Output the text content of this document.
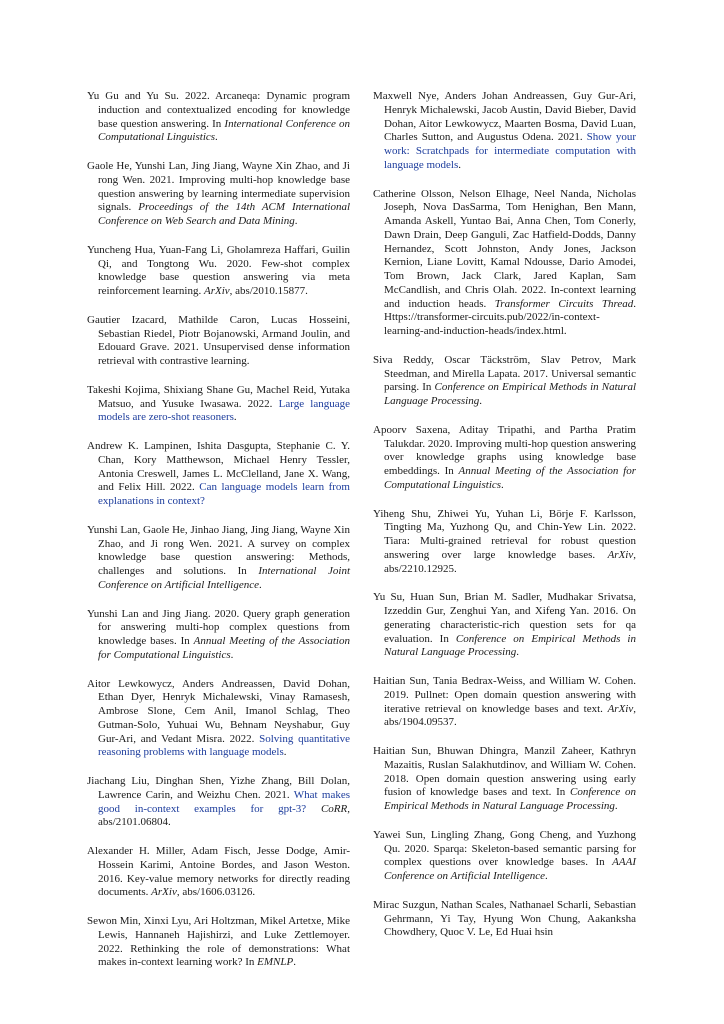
Yu Gu and Yu Su. 2022. Arcaneqa: Dynamic program induction and contextualized encoding for knowledge base question answering. In International Conference on Computational Linguistics.

Gaole He, Yunshi Lan, Jing Jiang, Wayne Xin Zhao, and Ji rong Wen. 2021. Improving multi-hop knowledge base question answering by learning intermediate supervision signals. Proceedings of the 14th ACM International Conference on Web Search and Data Mining.

Yuncheng Hua, Yuan-Fang Li, Gholamreza Haffari, Guilin Qi, and Tongtong Wu. 2020. Few-shot complex knowledge base question answering via meta reinforcement learning. ArXiv, abs/2010.15877.

Gautier Izacard, Mathilde Caron, Lucas Hosseini, Sebastian Riedel, Piotr Bojanowski, Armand Joulin, and Edouard Grave. 2021. Unsupervised dense information retrieval with contrastive learning.

Takeshi Kojima, Shixiang Shane Gu, Machel Reid, Yutaka Matsuo, and Yusuke Iwasawa. 2022. Large language models are zero-shot reasoners.

Andrew K. Lampinen, Ishita Dasgupta, Stephanie C. Y. Chan, Kory Matthewson, Michael Henry Tessler, Antonia Creswell, James L. McClelland, Jane X. Wang, and Felix Hill. 2022. Can language models learn from explanations in context?

Yunshi Lan, Gaole He, Jinhao Jiang, Jing Jiang, Wayne Xin Zhao, and Ji rong Wen. 2021. A survey on complex knowledge base question answering: Methods, challenges and solutions. In International Joint Conference on Artificial Intelligence.

Yunshi Lan and Jing Jiang. 2020. Query graph generation for answering multi-hop complex questions from knowledge bases. In Annual Meeting of the Association for Computational Linguistics.

Aitor Lewkowycz, Anders Andreassen, David Dohan, Ethan Dyer, Henryk Michalewski, Vinay Ramasesh, Ambrose Slone, Cem Anil, Imanol Schlag, Theo Gutman-Solo, Yuhuai Wu, Behnam Neyshabur, Guy Gur-Ari, and Vedant Misra. 2022. Solving quantitative reasoning problems with language models.

Jiachang Liu, Dinghan Shen, Yizhe Zhang, Bill Dolan, Lawrence Carin, and Weizhu Chen. 2021. What makes good in-context examples for gpt-3? CoRR, abs/2101.06804.

Alexander H. Miller, Adam Fisch, Jesse Dodge, Amir-Hossein Karimi, Antoine Bordes, and Jason Weston. 2016. Key-value memory networks for directly reading documents. ArXiv, abs/1606.03126.

Sewon Min, Xinxi Lyu, Ari Holtzman, Mikel Artetxe, Mike Lewis, Hannaneh Hajishirzi, and Luke Zettlemoyer. 2022. Rethinking the role of demonstrations: What makes in-context learning work? In EMNLP.

Maxwell Nye, Anders Johan Andreassen, Guy Gur-Ari, Henryk Michalewski, Jacob Austin, David Bieber, David Dohan, Aitor Lewkowycz, Maarten Bosma, David Luan, Charles Sutton, and Augustus Odena. 2021. Show your work: Scratchpads for intermediate computation with language models.

Catherine Olsson, Nelson Elhage, Neel Nanda, Nicholas Joseph, Nova DasSarma, Tom Henighan, Ben Mann, Amanda Askell, Yuntao Bai, Anna Chen, Tom Conerly, Dawn Drain, Deep Ganguli, Zac Hatfield-Dodds, Danny Hernandez, Scott Johnston, Andy Jones, Jackson Kernion, Liane Lovitt, Kamal Ndousse, Dario Amodei, Tom Brown, Jack Clark, Jared Kaplan, Sam McCandlish, and Chris Olah. 2022. In-context learning and induction heads. Transformer Circuits Thread. Https://transformer-circuits.pub/2022/in-context-learning-and-induction-heads/index.html.

Siva Reddy, Oscar Täckström, Slav Petrov, Mark Steedman, and Mirella Lapata. 2017. Universal semantic parsing. In Conference on Empirical Methods in Natural Language Processing.

Apoorv Saxena, Aditay Tripathi, and Partha Pratim Talukdar. 2020. Improving multi-hop question answering over knowledge graphs using knowledge base embeddings. In Annual Meeting of the Association for Computational Linguistics.

Yiheng Shu, Zhiwei Yu, Yuhan Li, Börje F. Karlsson, Tingting Ma, Yuzhong Qu, and Chin-Yew Lin. 2022. Tiara: Multi-grained retrieval for robust question answering over large knowledge bases. ArXiv, abs/2210.12925.

Yu Su, Huan Sun, Brian M. Sadler, Mudhakar Srivatsa, Izzeddin Gur, Zenghui Yan, and Xifeng Yan. 2016. On generating characteristic-rich question sets for qa evaluation. In Conference on Empirical Methods in Natural Language Processing.

Haitian Sun, Tania Bedrax-Weiss, and William W. Cohen. 2019. Pullnet: Open domain question answering with iterative retrieval on knowledge bases and text. ArXiv, abs/1904.09537.

Haitian Sun, Bhuwan Dhingra, Manzil Zaheer, Kathryn Mazaitis, Ruslan Salakhutdinov, and William W. Cohen. 2018. Open domain question answering using early fusion of knowledge bases and text. In Conference on Empirical Methods in Natural Language Processing.

Yawei Sun, Lingling Zhang, Gong Cheng, and Yuzhong Qu. 2020. Sparqa: Skeleton-based semantic parsing for complex questions over knowledge bases. In AAAI Conference on Artificial Intelligence.

Mirac Suzgun, Nathan Scales, Nathanael Scharli, Sebastian Gehrmann, Yi Tay, Hyung Won Chung, Aakanksha Chowdhery, Quoc V. Le, Ed Huai hsin
